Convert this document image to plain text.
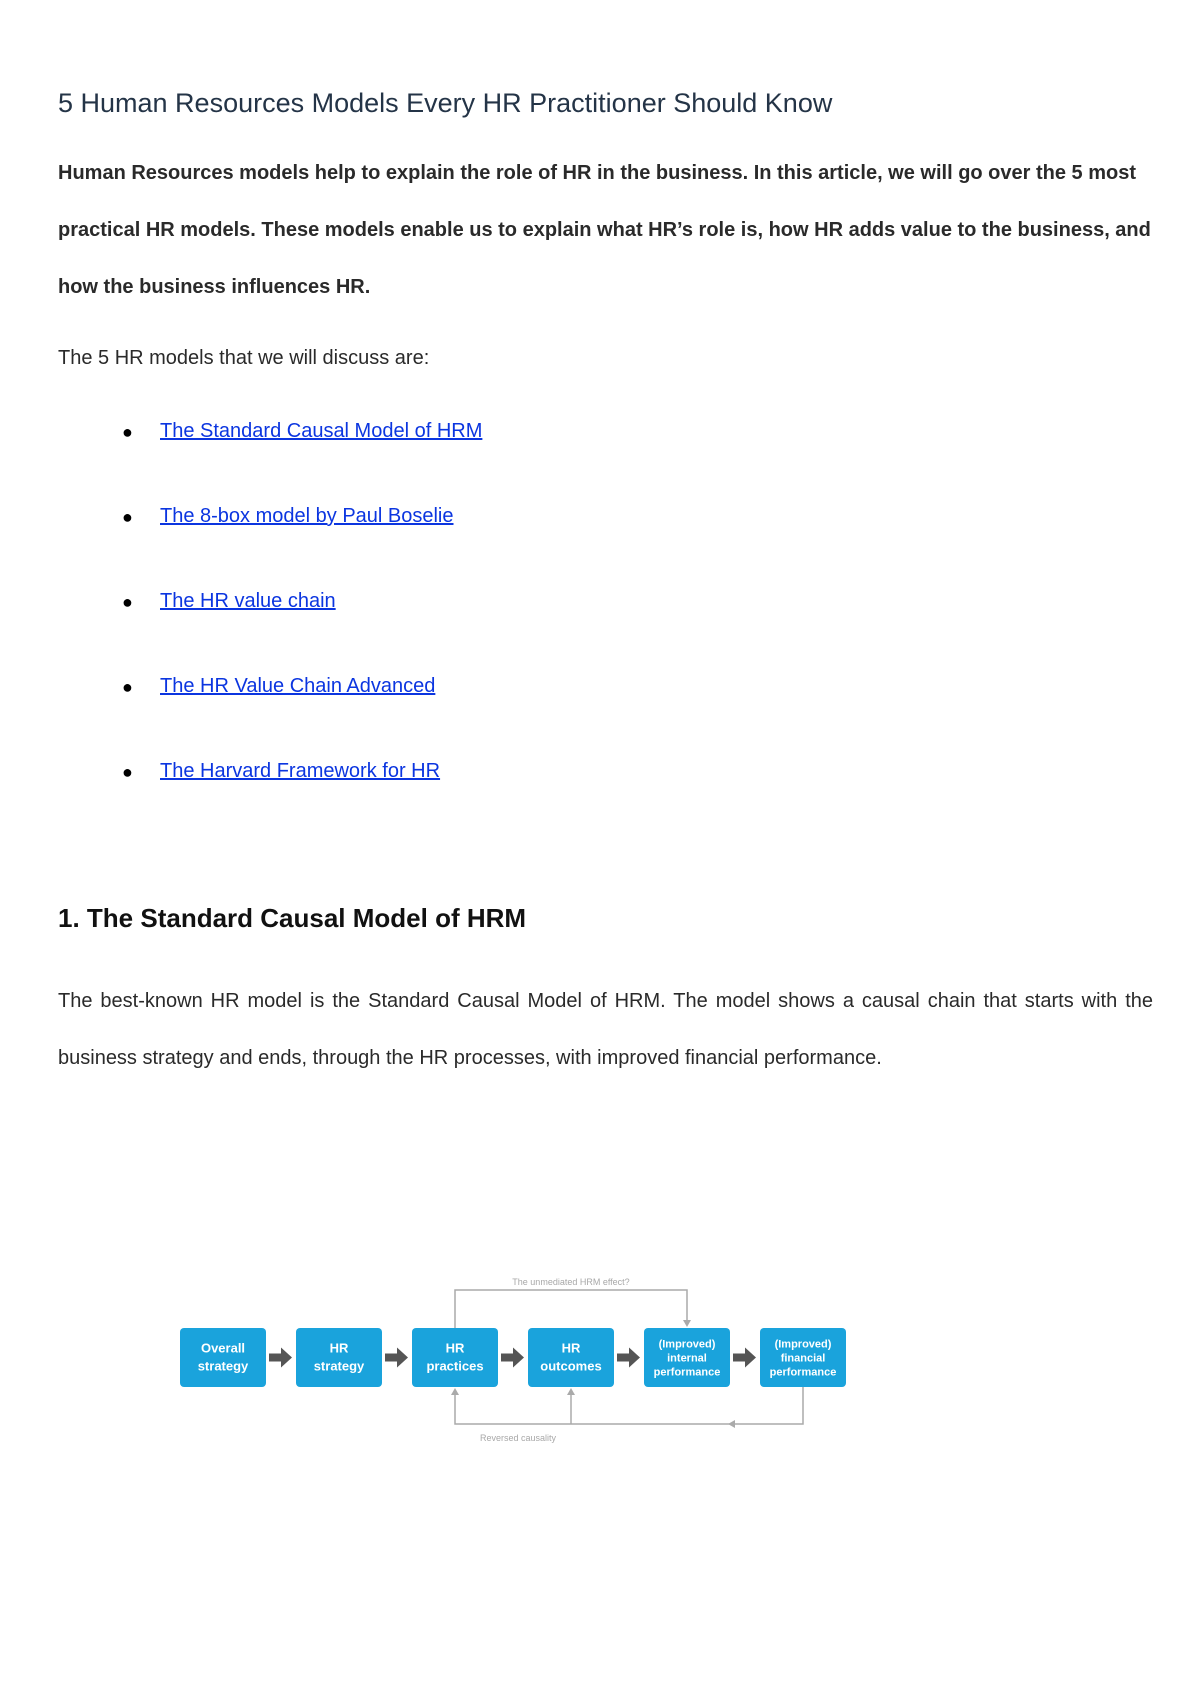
5 Human Resources Models Every HR Practitioner Should Know

Human Resources models help to explain the role of HR in the business. In this article, we will go over the 5 most practical HR models. These models enable us to explain what HR’s role is, how HR adds value to the business, and how the business influences HR.

The 5 HR models that we will discuss are:

● The Standard Causal Model of HRM
● The 8-box model by Paul Boselie
● The HR value chain
● The HR Value Chain Advanced
● The Harvard Framework for HR
1. The Standard Causal Model of HRM

The best-known HR model is the Standard Causal Model of HRM. The model shows a causal chain that starts with the business strategy and ends, through the HR processes, with improved financial performance.

The unmediated HRM effect?
Reversed causality
Overall
strategy
HR
strategy
HR
practices
HR
outcomes
(Improved)
internal
performance
(Improved)
financial
performance
